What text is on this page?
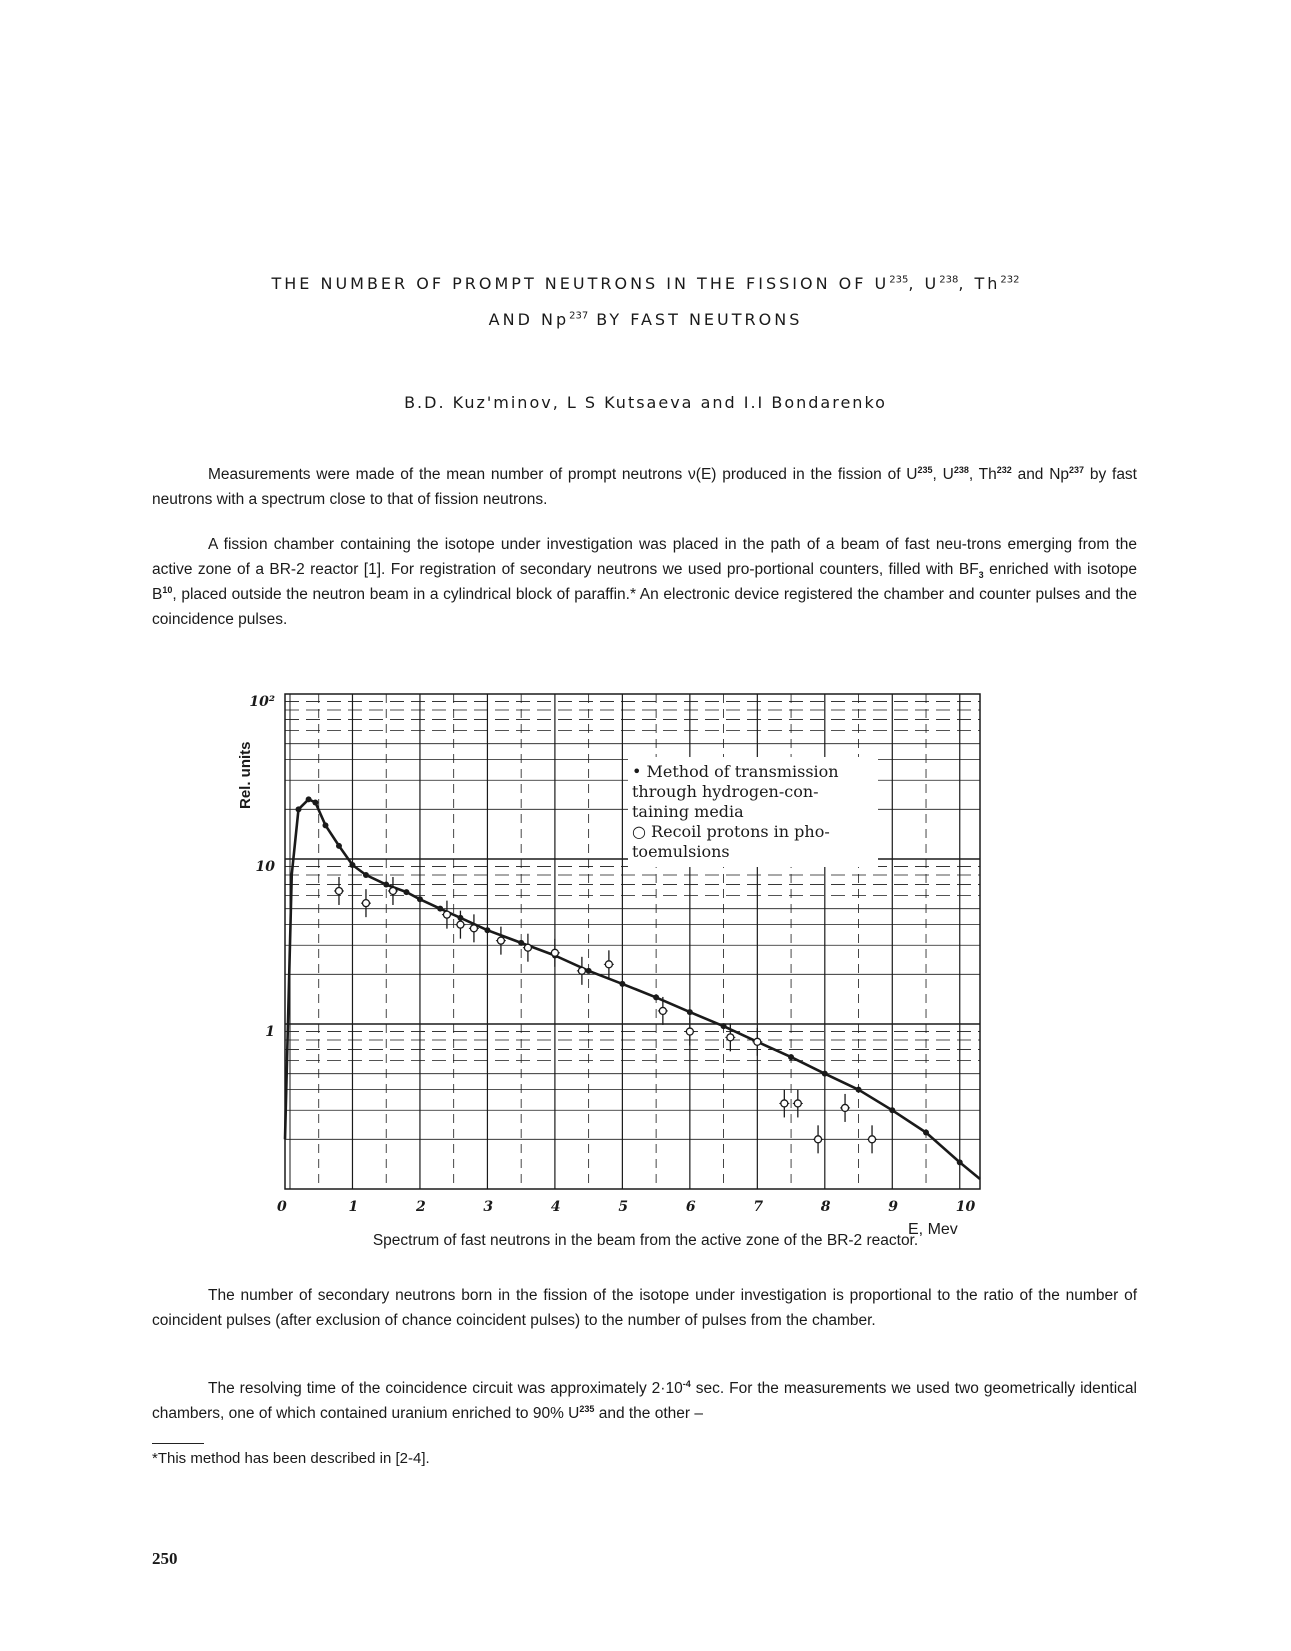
THE NUMBER OF PROMPT NEUTRONS IN THE FISSION OF $U^{235}$, $U^{238}$, Th$^{232}$
AND Np$^{237}$ BY FAST NEUTRONS
B.D. Kuz'minov, L S Kutsaeva and I.I Bondarenko

Measurements were made of the mean number of prompt neutrons ν(E) produced in the fission of $U^{235}$, $U^{238}$, Th$^{232}$ and Np$^{237}$ by fast neutrons with a spectrum close to that of fission neutrons.

A fission chamber containing the isotope under investigation was placed in the path of a beam of fast neu-trons emerging from the active zone of a BR-2 reactor [1]. For registration of secondary neutrons we used pro-portional counters, filled with $BF_3$ enriched with isotope $B^{10}$, placed outside the neutron beam in a cylindrical block of paraffin.* An electronic device registered the chamber and counter pulses and the coincidence pulses.

0	1	2	3	4	5	6	7	8	9	10
1
10
10²
E, Mev
Rel. units	• Method of transmission
through hydrogen-con-
taining media
○ Recoil protons in pho-
toemulsions
Spectrum of fast neutrons in the beam from the active zone of the BR-2 reactor.

The number of secondary neutrons born in the fission of the isotope under investigation is proportional to the ratio of the number of coincident pulses (after exclusion of chance coincident pulses) to the number of pulses from the chamber.

The resolving time of the coincidence circuit was approximately $2\cdot 10^{-4}$ sec. For the measurements we used two geometrically identical chambers, one of which contained uranium enriched to 90% $U^{235}$ and the other –

*This method has been described in [2-4].
250
